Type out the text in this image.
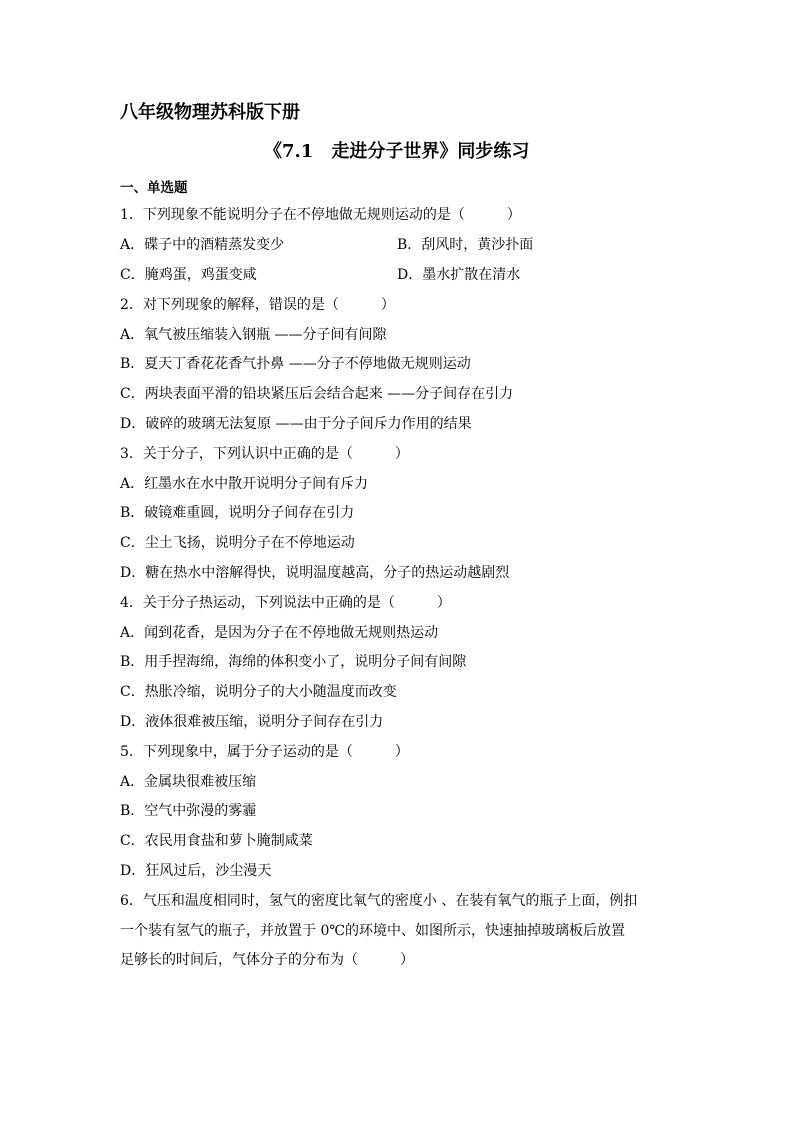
八年级物理苏科版下册
《7.1　走进分子世界》同步练习
一、单选题
1．下列现象不能说明分子在不停地做无规则运动的是（　　　）
A．碟子中的酒精蒸发变少	B．刮风时，黄沙扑面
C．腌鸡蛋，鸡蛋变咸	D．墨水扩散在清水
2．对下列现象的解释，错误的是（　　　）
A．氧气被压缩装入钢瓶 ——分子间有间隙
B．夏天丁香花花香气扑鼻 ——分子不停地做无规则运动
C．两块表面平滑的铅块紧压后会结合起来 ——分子间存在引力
D．破碎的玻璃无法复原 ——由于分子间斥力作用的结果
3．关于分子，下列认识中正确的是（　　　）
A．红墨水在水中散开说明分子间有斥力
B．破镜难重圆，说明分子间存在引力
C．尘土飞扬，说明分子在不停地运动
D．糖在热水中溶解得快，说明温度越高，分子的热运动越剧烈
4．关于分子热运动，下列说法中正确的是（　　　）
A．闻到花香，是因为分子在不停地做无规则热运动
B．用手捏海绵，海绵的体积变小了，说明分子间有间隙
C．热胀冷缩，说明分子的大小随温度而改变
D．液体很难被压缩，说明分子间存在引力
5．下列现象中，属于分子运动的是（　　　）
A．金属块很难被压缩
B．空气中弥漫的雾霾
C．农民用食盐和萝卜腌制咸菜
D．狂风过后，沙尘漫天
6．气压和温度相同时，氢气的密度比氧气的密度小 、在装有氧气的瓶子上面，例扣
一个装有氢气的瓶子，并放置于 0℃的环境中、如图所示，快速抽掉玻璃板后放置
足够长的时间后，气体分子的分布为（　　　）
